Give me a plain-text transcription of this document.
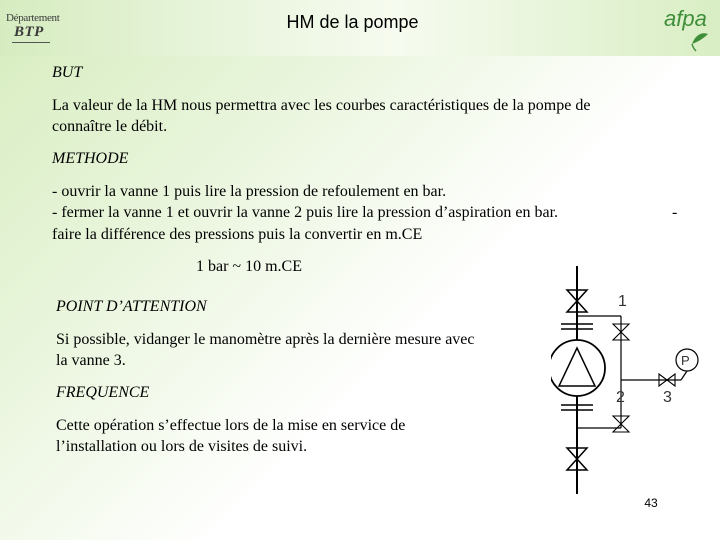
Département
BTP	HM de la pompe	afpa
BUT
La valeur de la HM nous permettra avec les courbes caractéristiques de la pompe de
connaître le débit.
METHODE
- ouvrir la vanne 1 puis lire la pression de refoulement en bar.
- fermer la vanne 1 et ouvrir la vanne 2 puis lire la pression d’aspiration en bar.	-
faire la différence des pressions puis la convertir en m.CE
1 bar ~ 10 m.CE
POINT D’ATTENTION
Si possible, vidanger le manomètre après la dernière mesure avec
la vanne 3.
FREQUENCE
Cette opération s’effectue lors de la mise en service de
l’installation ou lors de visites de suivi.
1
2 3
P
43
